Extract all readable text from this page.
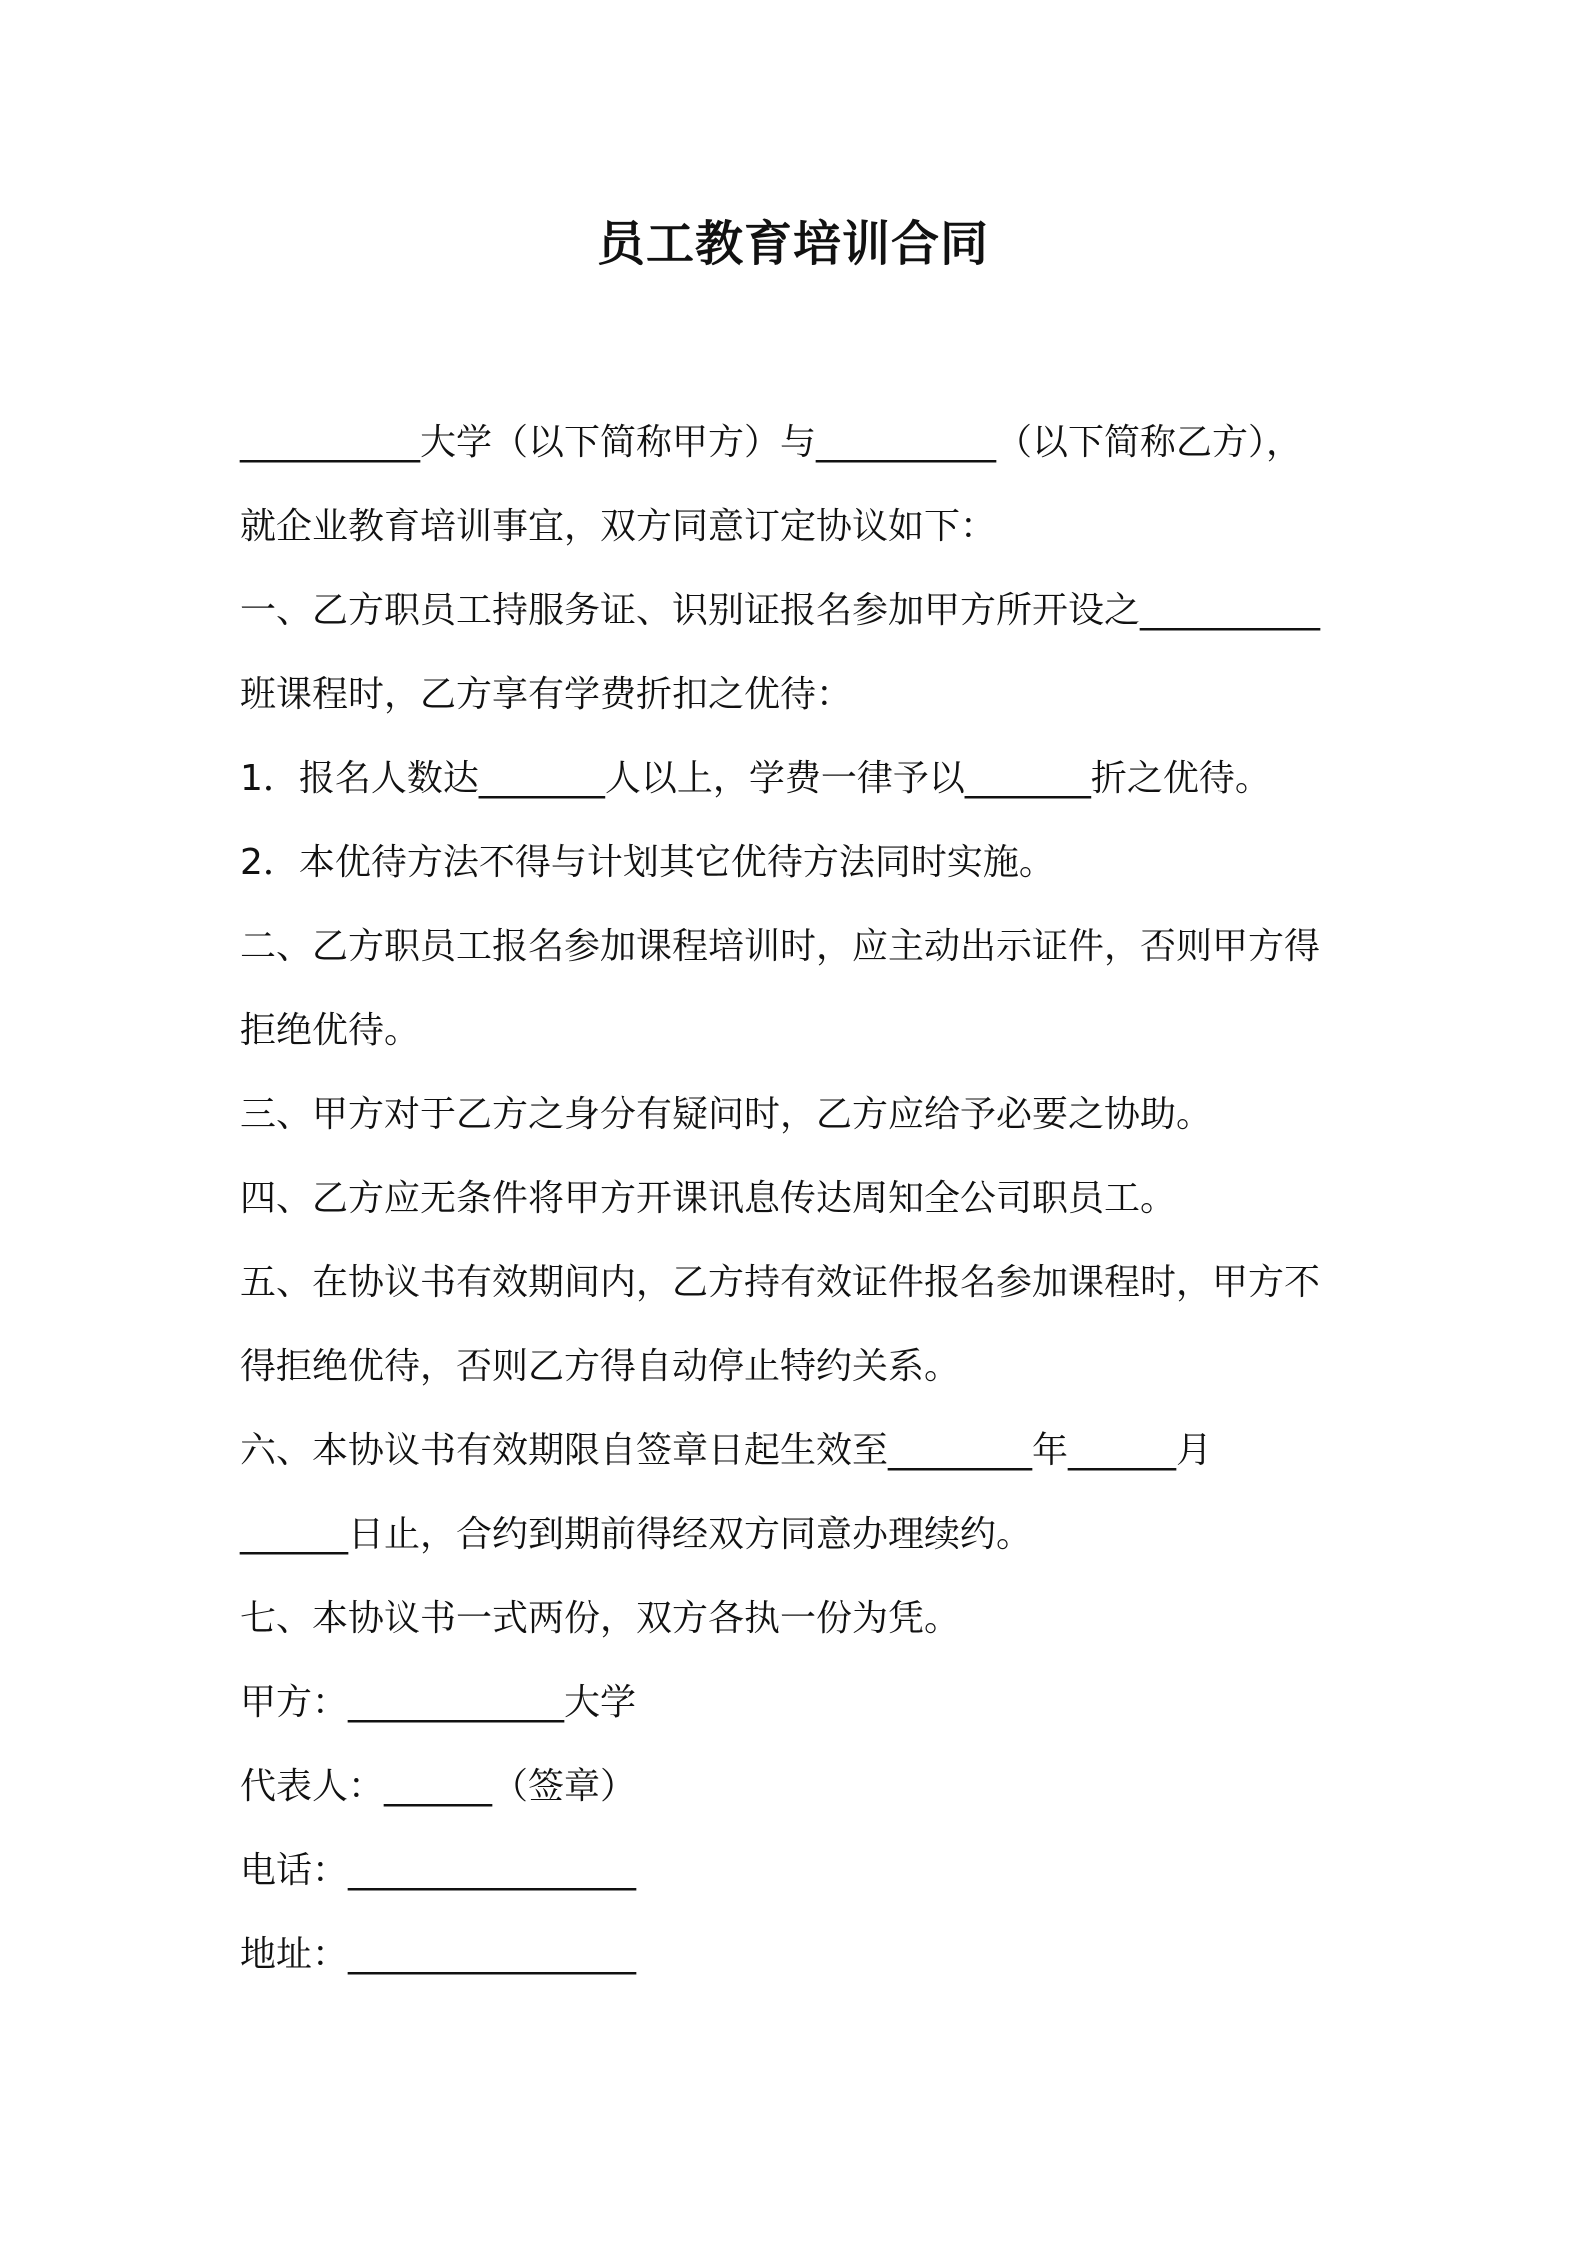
员工教育培训合同

__________大学（以下简称甲方）与__________（以下简称乙方），

就企业教育培训事宜，双方同意订定协议如下：

一、乙方职员工持服务证、识别证报名参加甲方所开设之__________

班课程时，乙方享有学费折扣之优待：

1．报名人数达_______人以上，学费一律予以_______折之优待。

2．本优待方法不得与计划其它优待方法同时实施。

二、乙方职员工报名参加课程培训时，应主动出示证件，否则甲方得

拒绝优待。

三、甲方对于乙方之身分有疑问时，乙方应给予必要之协助。

四、乙方应无条件将甲方开课讯息传达周知全公司职员工。

五、在协议书有效期间内，乙方持有效证件报名参加课程时，甲方不

得拒绝优待，否则乙方得自动停止特约关系。

六、本协议书有效期限自签章日起生效至________年______月

______日止，合约到期前得经双方同意办理续约。

七、本协议书一式两份，双方各执一份为凭。

甲方：____________大学

代表人：______（签章）

电话：________________

地址：________________
